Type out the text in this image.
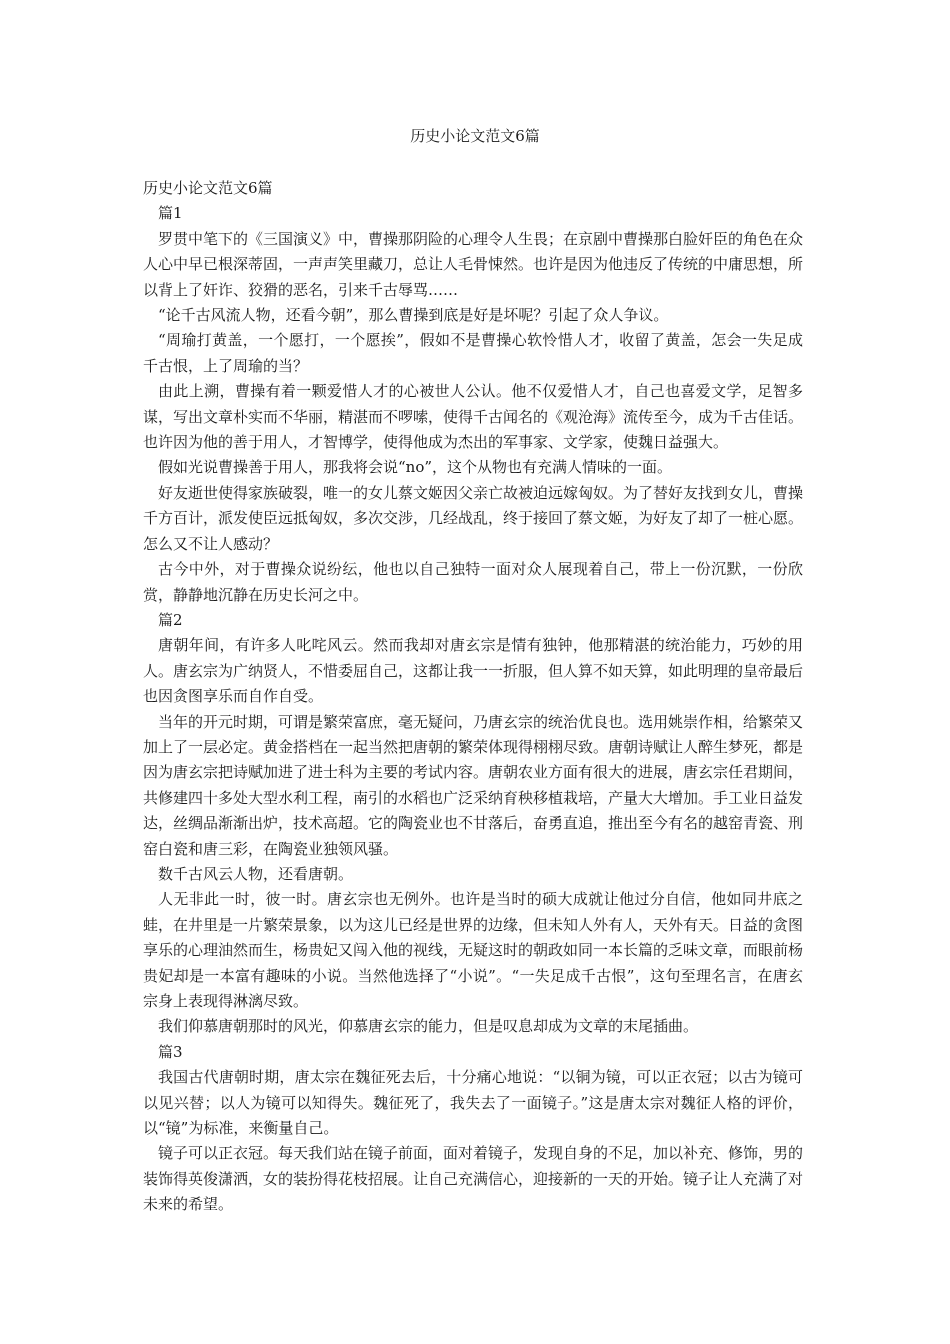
历史小论文范文6篇

历史小论文范文6篇

篇1

罗贯中笔下的《三国演义》中，曹操那阴险的心理令人生畏；在京剧中曹操那白脸奸臣的角色在众人心中早已根深蒂固，一声声笑里藏刀，总让人毛骨悚然。也许是因为他违反了传统的中庸思想，所以背上了奸诈、狡猾的恶名，引来千古辱骂……

“论千古风流人物，还看今朝”，那么曹操到底是好是坏呢？引起了众人争议。

“周瑜打黄盖，一个愿打，一个愿挨”，假如不是曹操心软怜惜人才，收留了黄盖，怎会一失足成千古恨，上了周瑜的当？

由此上溯，曹操有着一颗爱惜人才的心被世人公认。他不仅爱惜人才，自己也喜爱文学，足智多谋，写出文章朴实而不华丽，精湛而不啰嗦，使得千古闻名的《观沧海》流传至今，成为千古佳话。也许因为他的善于用人，才智博学，使得他成为杰出的军事家、文学家，使魏日益强大。

假如光说曹操善于用人，那我将会说“no”，这个从物也有充满人情味的一面。

好友逝世使得家族破裂，唯一的女儿蔡文姬因父亲亡故被迫远嫁匈奴。为了替好友找到女儿，曹操千方百计，派发使臣远抵匈奴，多次交涉，几经战乱，终于接回了蔡文姬，为好友了却了一桩心愿。怎么又不让人感动？

古今中外，对于曹操众说纷纭，他也以自己独特一面对众人展现着自己，带上一份沉默，一份欣赏，静静地沉静在历史长河之中。

篇2

唐朝年间，有许多人叱咤风云。然而我却对唐玄宗是情有独钟，他那精湛的统治能力，巧妙的用人。唐玄宗为广纳贤人，不惜委屈自己，这都让我一一折服，但人算不如天算，如此明理的皇帝最后也因贪图享乐而自作自受。

当年的开元时期，可谓是繁荣富庶，毫无疑问，乃唐玄宗的统治优良也。选用姚崇作相，给繁荣又加上了一层必定。黄金搭档在一起当然把唐朝的繁荣体现得栩栩尽致。唐朝诗赋让人醉生梦死，都是因为唐玄宗把诗赋加进了进士科为主要的考试内容。唐朝农业方面有很大的进展，唐玄宗任君期间，共修建四十多处大型水利工程，南引的水稻也广泛采纳育秧移植栽培，产量大大增加。手工业日益发达，丝绸品渐渐出炉，技术高超。它的陶瓷业也不甘落后，奋勇直追，推出至今有名的越窑青瓷、刑窑白瓷和唐三彩，在陶瓷业独领风骚。

数千古风云人物，还看唐朝。

人无非此一时，彼一时。唐玄宗也无例外。也许是当时的硕大成就让他过分自信，他如同井底之蛙，在井里是一片繁荣景象，以为这儿已经是世界的边缘，但未知人外有人，天外有天。日益的贪图享乐的心理油然而生，杨贵妃又闯入他的视线，无疑这时的朝政如同一本长篇的乏味文章，而眼前杨贵妃却是一本富有趣味的小说。当然他选择了“小说”。“一失足成千古恨”，这句至理名言，在唐玄宗身上表现得淋漓尽致。

我们仰慕唐朝那时的风光，仰慕唐玄宗的能力，但是叹息却成为文章的末尾插曲。

篇3

我国古代唐朝时期，唐太宗在魏征死去后，十分痛心地说：“以铜为镜，可以正衣冠；以古为镜可以见兴替；以人为镜可以知得失。魏征死了，我失去了一面镜子。”这是唐太宗对魏征人格的评价，以“镜”为标准，来衡量自己。

镜子可以正衣冠。每天我们站在镜子前面，面对着镜子，发现自身的不足，加以补充、修饰，男的装饰得英俊潇洒，女的装扮得花枝招展。让自己充满信心，迎接新的一天的开始。镜子让人充满了对未来的希望。
